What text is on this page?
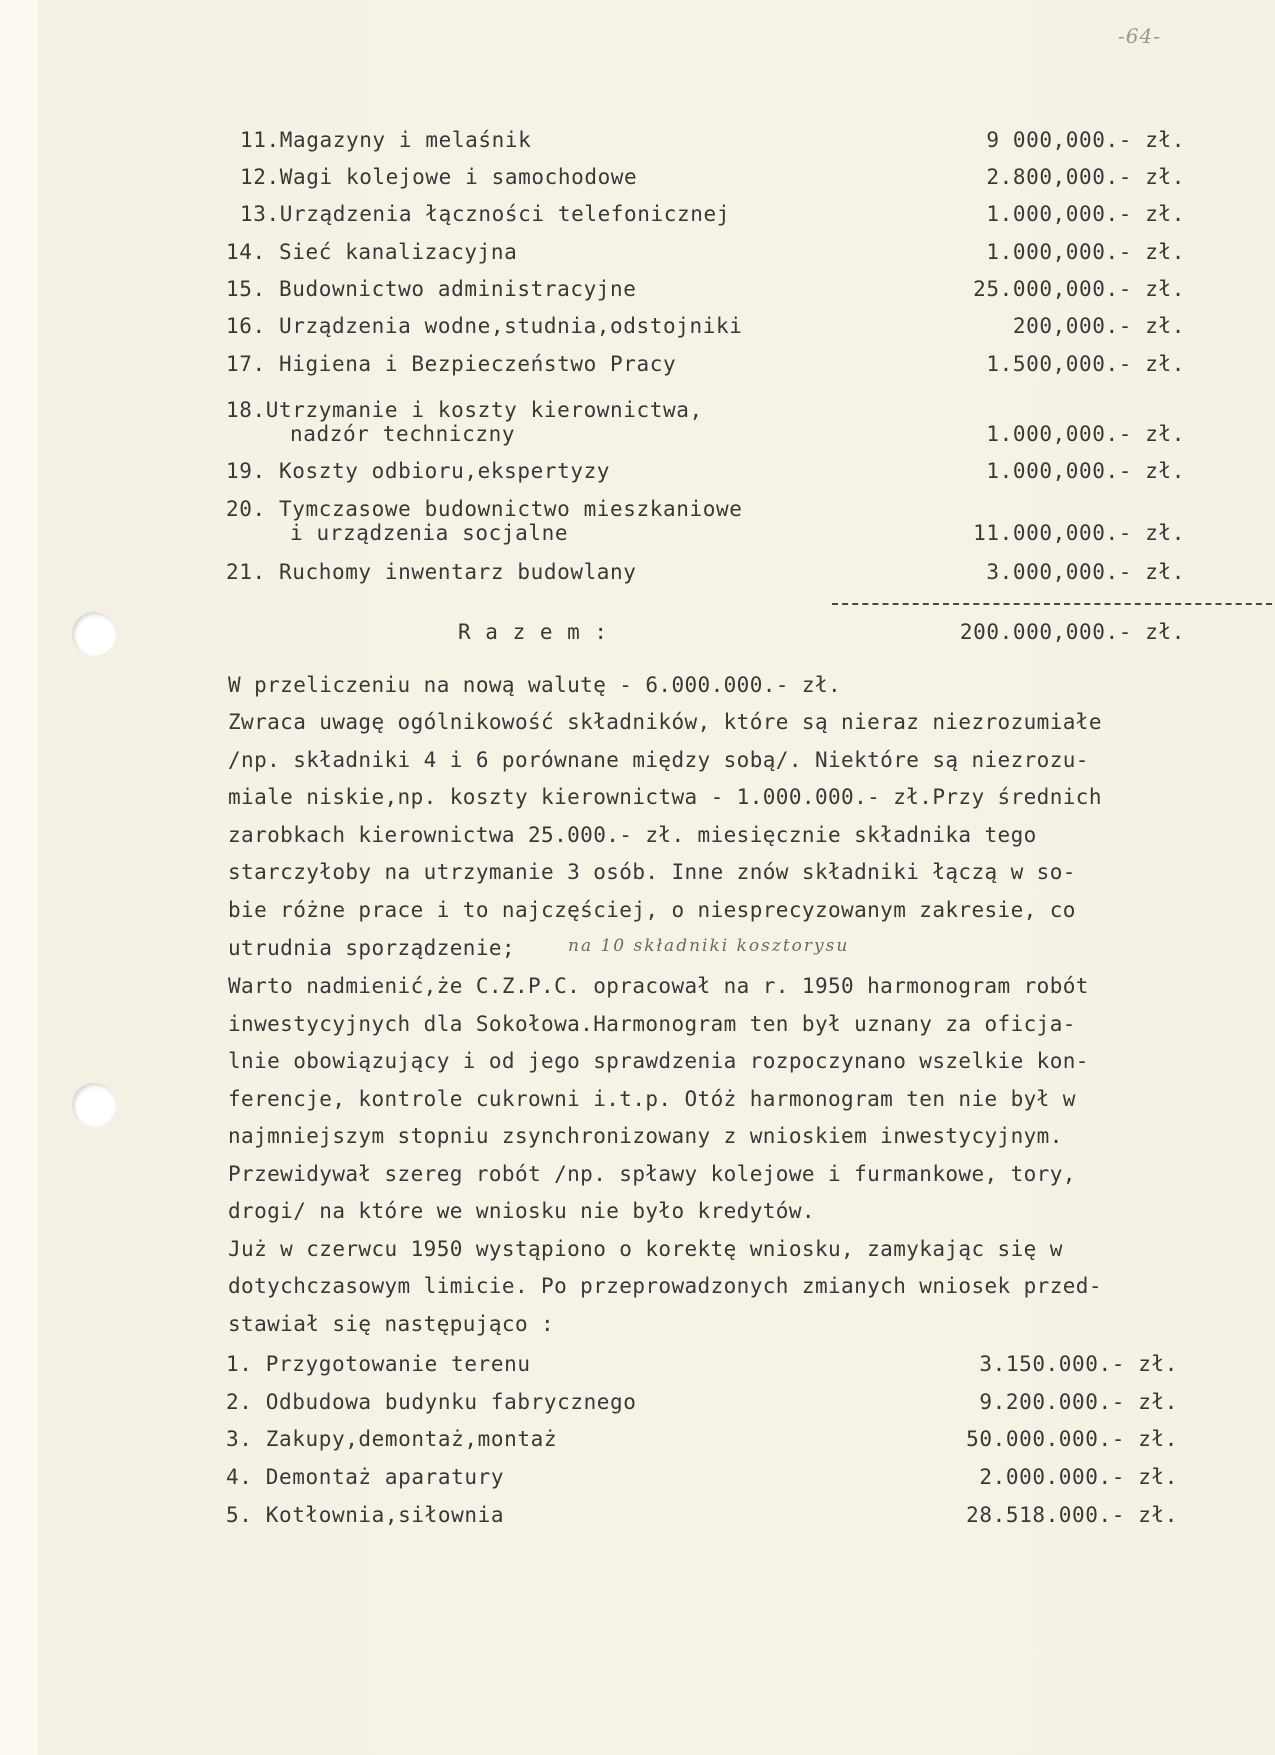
-64-
11.Magazyny i melaśnik	9 000,000.- zł.
12.Wagi kolejowe i samochodowe	2.800,000.- zł.
13.Urządzenia łączności telefonicznej	1.000,000.- zł.
14. Sieć kanalizacyjna	1.000,000.- zł.
15. Budownictwo administracyjne	25.000,000.- zł.
16. Urządzenia wodne,studnia,odstojniki	200,000.- zł.
17. Higiena i Bezpieczeństwo Pracy	1.500,000.- zł.
18.Utrzymanie i koszty kierownictwa,
nadzór techniczny	1.000,000.- zł.
19. Koszty odbioru,ekspertyzy	1.000,000.- zł.
20. Tymczasowe budownictwo mieszkaniowe
i urządzenia socjalne	11.000,000.- zł.
21. Ruchomy inwentarz budowlany	3.000,000.- zł.
R a z e m :	200.000,000.- zł.
W przeliczeniu na nową walutę - 6.000.000.- zł.
Zwraca uwagę ogólnikowość składników, które są nieraz niezrozumiałe
/np. składniki 4 i 6 porównane między sobą/. Niektóre są niezrozu-
miale niskie,np. koszty kierownictwa - 1.000.000.- zł.Przy średnich
zarobkach kierownictwa 25.000.- zł. miesięcznie składnika tego
starczyłoby na utrzymanie 3 osób. Inne znów składniki łączą w so-
bie różne prace i to najczęściej, o niesprecyzowanym zakresie, co
utrudnia sporządzenie;	na 10 składniki kosztorysu
Warto nadmienić,że C.Z.P.C. opracował na r. 1950 harmonogram robót
inwestycyjnych dla Sokołowa.Harmonogram ten był uznany za oficja-
lnie obowiązujący i od jego sprawdzenia rozpoczynano wszelkie kon-
ferencje, kontrole cukrowni i.t.p. Otóż harmonogram ten nie był w
najmniejszym stopniu zsynchronizowany z wnioskiem inwestycyjnym.
Przewidywał szereg robót /np. spławy kolejowe i furmankowe, tory,
drogi/ na które we wniosku nie było kredytów.
Już w czerwcu 1950 wystąpiono o korektę wniosku, zamykając się w
dotychczasowym limicie. Po przeprowadzonych zmianych wniosek przed-
stawiał się następująco :
1. Przygotowanie terenu	3.150.000.- zł.
2. Odbudowa budynku fabrycznego	9.200.000.- zł.
3. Zakupy,demontaż,montaż	50.000.000.- zł.
4. Demontaż aparatury	2.000.000.- zł.
5. Kotłownia,siłownia	28.518.000.- zł.
